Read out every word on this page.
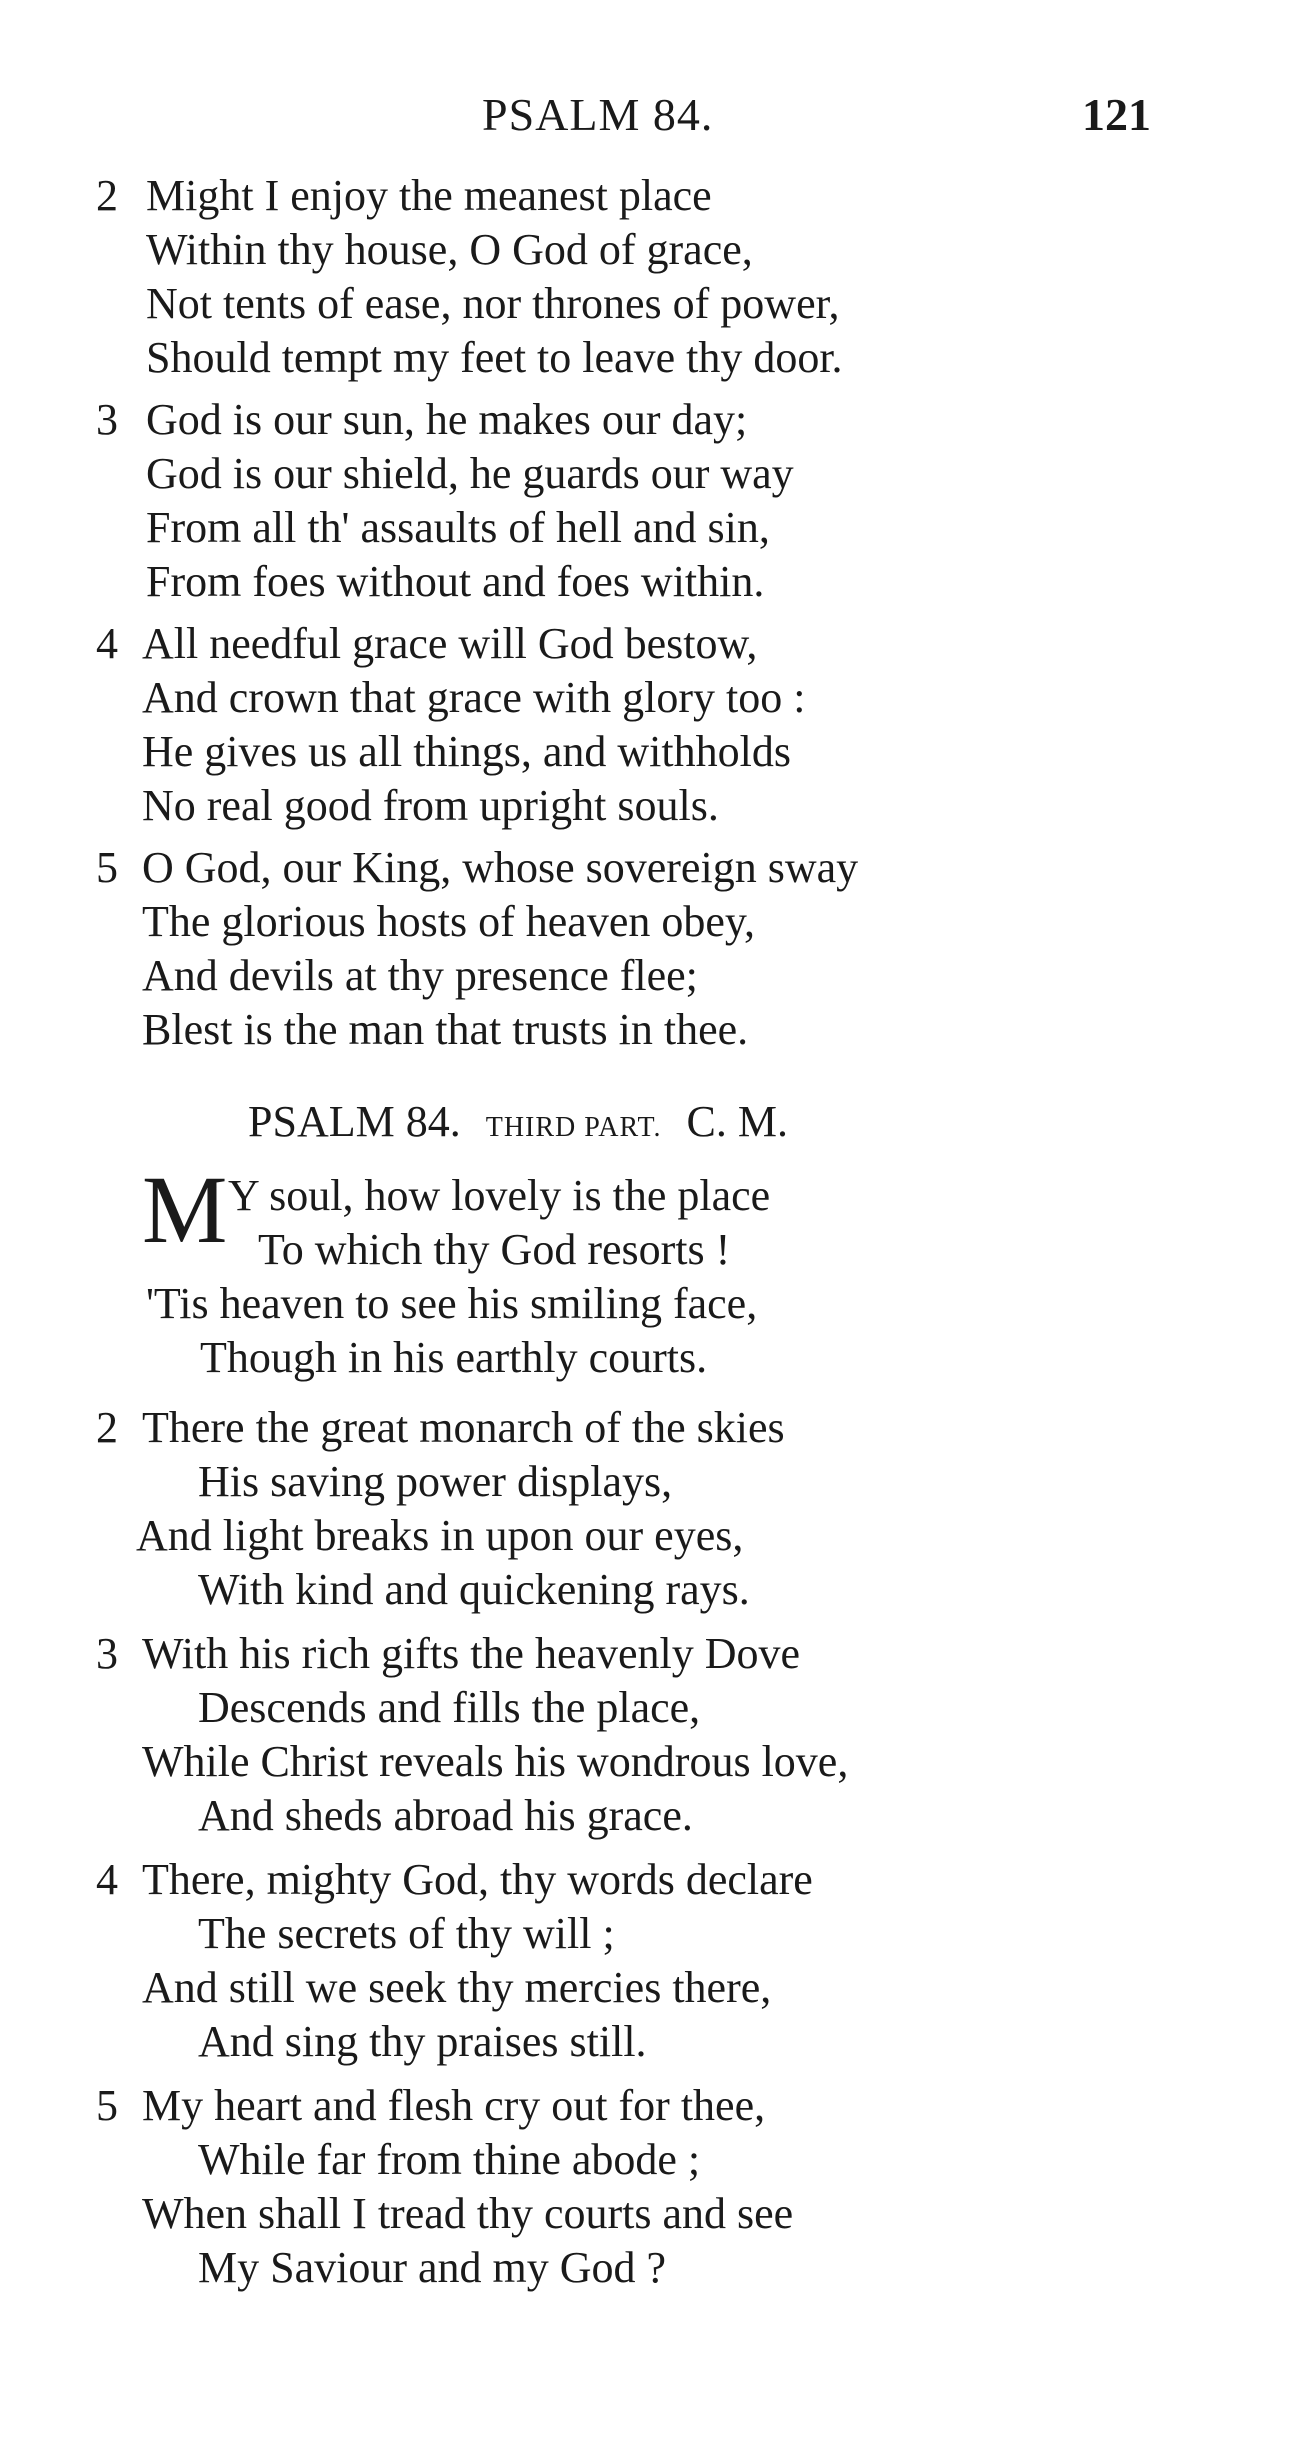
PSALM 84.	121
2 Might I enjoy the meanest place
Within thy house, O God of grace,
Not tents of ease, nor thrones of power,
Should tempt my feet to leave thy door.
3 God is our sun, he makes our day;
God is our shield, he guards our way
From all th' assaults of hell and sin,
From foes without and foes within.
4 All needful grace will God bestow,
And crown that grace with glory too :
He gives us all things, and withholds
No real good from upright souls.
5 O God, our King, whose sovereign sway
The glorious hosts of heaven obey,
And devils at thy presence flee;
Blest is the man that trusts in thee.
PSALM 84. THIRD PART. C. M.
M Y soul, how lovely is the place
To which thy God resorts !
'Tis heaven to see his smiling face,
Though in his earthly courts.
2 There the great monarch of the skies
His saving power displays,
And light breaks in upon our eyes,
With kind and quickening rays.
3 With his rich gifts the heavenly Dove
Descends and fills the place,
While Christ reveals his wondrous love,
And sheds abroad his grace.
4 There, mighty God, thy words declare
The secrets of thy will ;
And still we seek thy mercies there,
And sing thy praises still.
5 My heart and flesh cry out for thee,
While far from thine abode ;
When shall I tread thy courts and see
My Saviour and my God ?
